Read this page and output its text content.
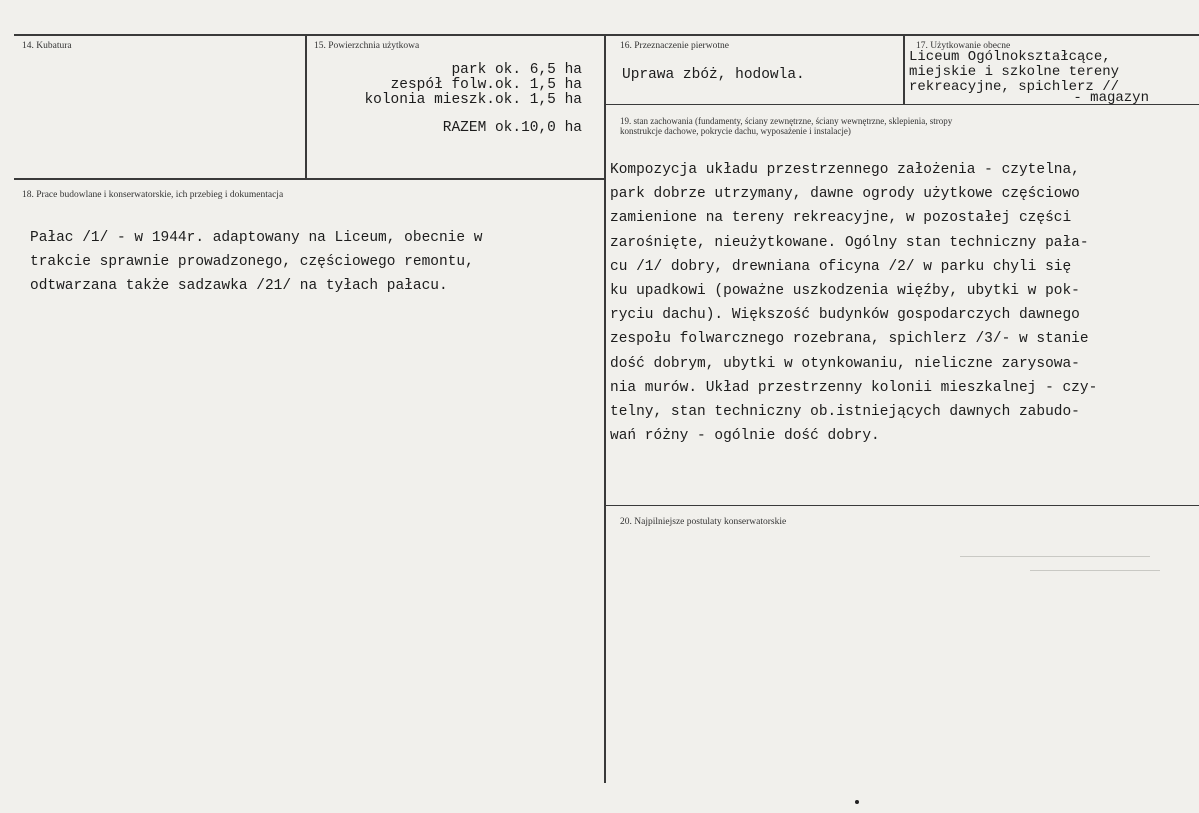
14. Kubatura	15. Powierzchnia użytkowa
park ok. 6,5 ha
zespół folw.ok. 1,5 ha
kolonia mieszk.ok. 1,5 ha
RAZEM ok.10,0 ha
16. Przeznaczenie pierwotne
Uprawa zbóż, hodowla.
17. Użytkowanie obecne
Liceum Ogólnokształcące,
miejskie i szkolne tereny
rekreacyjne, spichlerz //
- magazyn
18. Prace budowlane i konserwatorskie, ich przebieg i dokumentacja
Pałac /1/ - w 1944r. adaptowany na Liceum, obecnie w
trakcie sprawnie prowadzonego, częściowego remontu,
odtwarzana także sadzawka /21/ na tyłach pałacu.
19. stan zachowania (fundamenty, ściany zewnętrzne, ściany wewnętrzne, sklepienia, stropy
konstrukcje dachowe, pokrycie dachu, wyposażenie i instalacje)
Kompozycja układu przestrzennego założenia - czytelna,
park dobrze utrzymany, dawne ogrody użytkowe częściowo
zamienione na tereny rekreacyjne, w pozostałej części
zarośnięte, nieużytkowane. Ogólny stan techniczny pała-
cu /1/ dobry, drewniana oficyna /2/ w parku chyli się
ku upadkowi (poważne uszkodzenia więźby, ubytki w pok-
ryciu dachu). Większość budynków gospodarczych dawnego
zespołu folwarcznego rozebrana, spichlerz /3/- w stanie
dość dobrym, ubytki w otynkowaniu, nieliczne zarysowa-
nia murów. Układ przestrzenny kolonii mieszkalnej - czy-
telny, stan techniczny ob.istniejących dawnych zabudo-
wań różny - ogólnie dość dobry.
20. Najpilniejsze postulaty konserwatorskie
